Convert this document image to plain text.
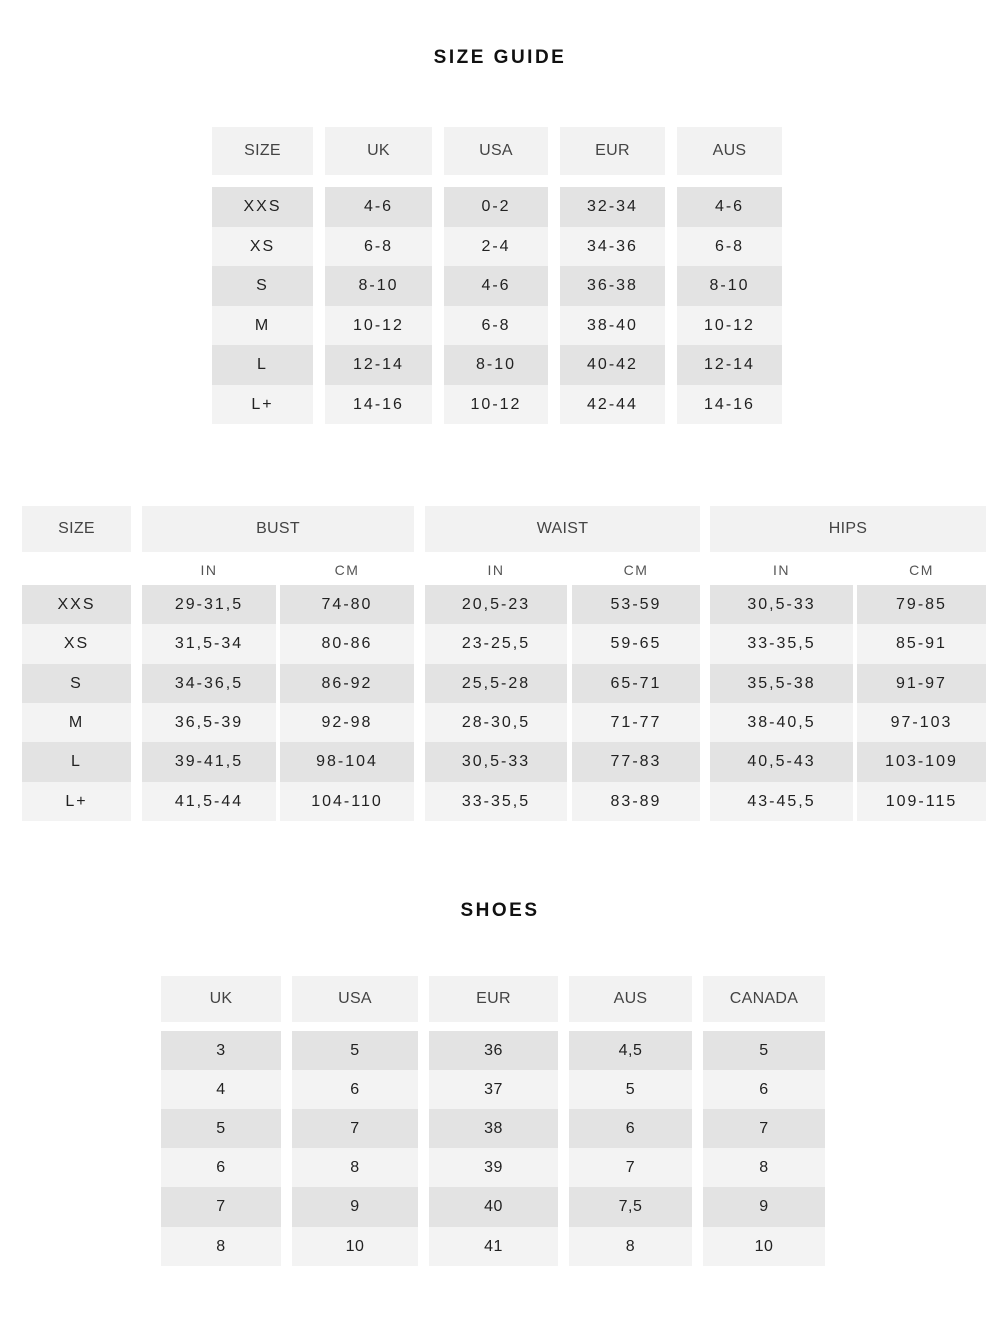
SIZE GUIDE
SIZE	UK	USA	EUR	AUS
XXS	4-6	0-2	32-34	4-6
XS	6-8	2-4	34-36	6-8
S	8-10	4-6	36-38	8-10
M	10-12	6-8	38-40	10-12
L	12-14	8-10	40-42	12-14
L+	14-16	10-12	42-44	14-16
SIZE	BUST	WAIST	HIPS
IN	CM	IN	CM	IN	CM
XXS	29-31,5	74-80	20,5-23	53-59	30,5-33	79-85
XS	31,5-34	80-86	23-25,5	59-65	33-35,5	85-91
S	34-36,5	86-92	25,5-28	65-71	35,5-38	91-97
M	36,5-39	92-98	28-30,5	71-77	38-40,5	97-103
L	39-41,5	98-104	30,5-33	77-83	40,5-43	103-109
L+	41,5-44	104-110	33-35,5	83-89	43-45,5	109-115
SHOES
UK	USA	EUR	AUS	CANADA
3	5	36	4,5	5
4	6	37	5	6
5	7	38	6	7
6	8	39	7	8
7	9	40	7,5	9
8	10	41	8	10
